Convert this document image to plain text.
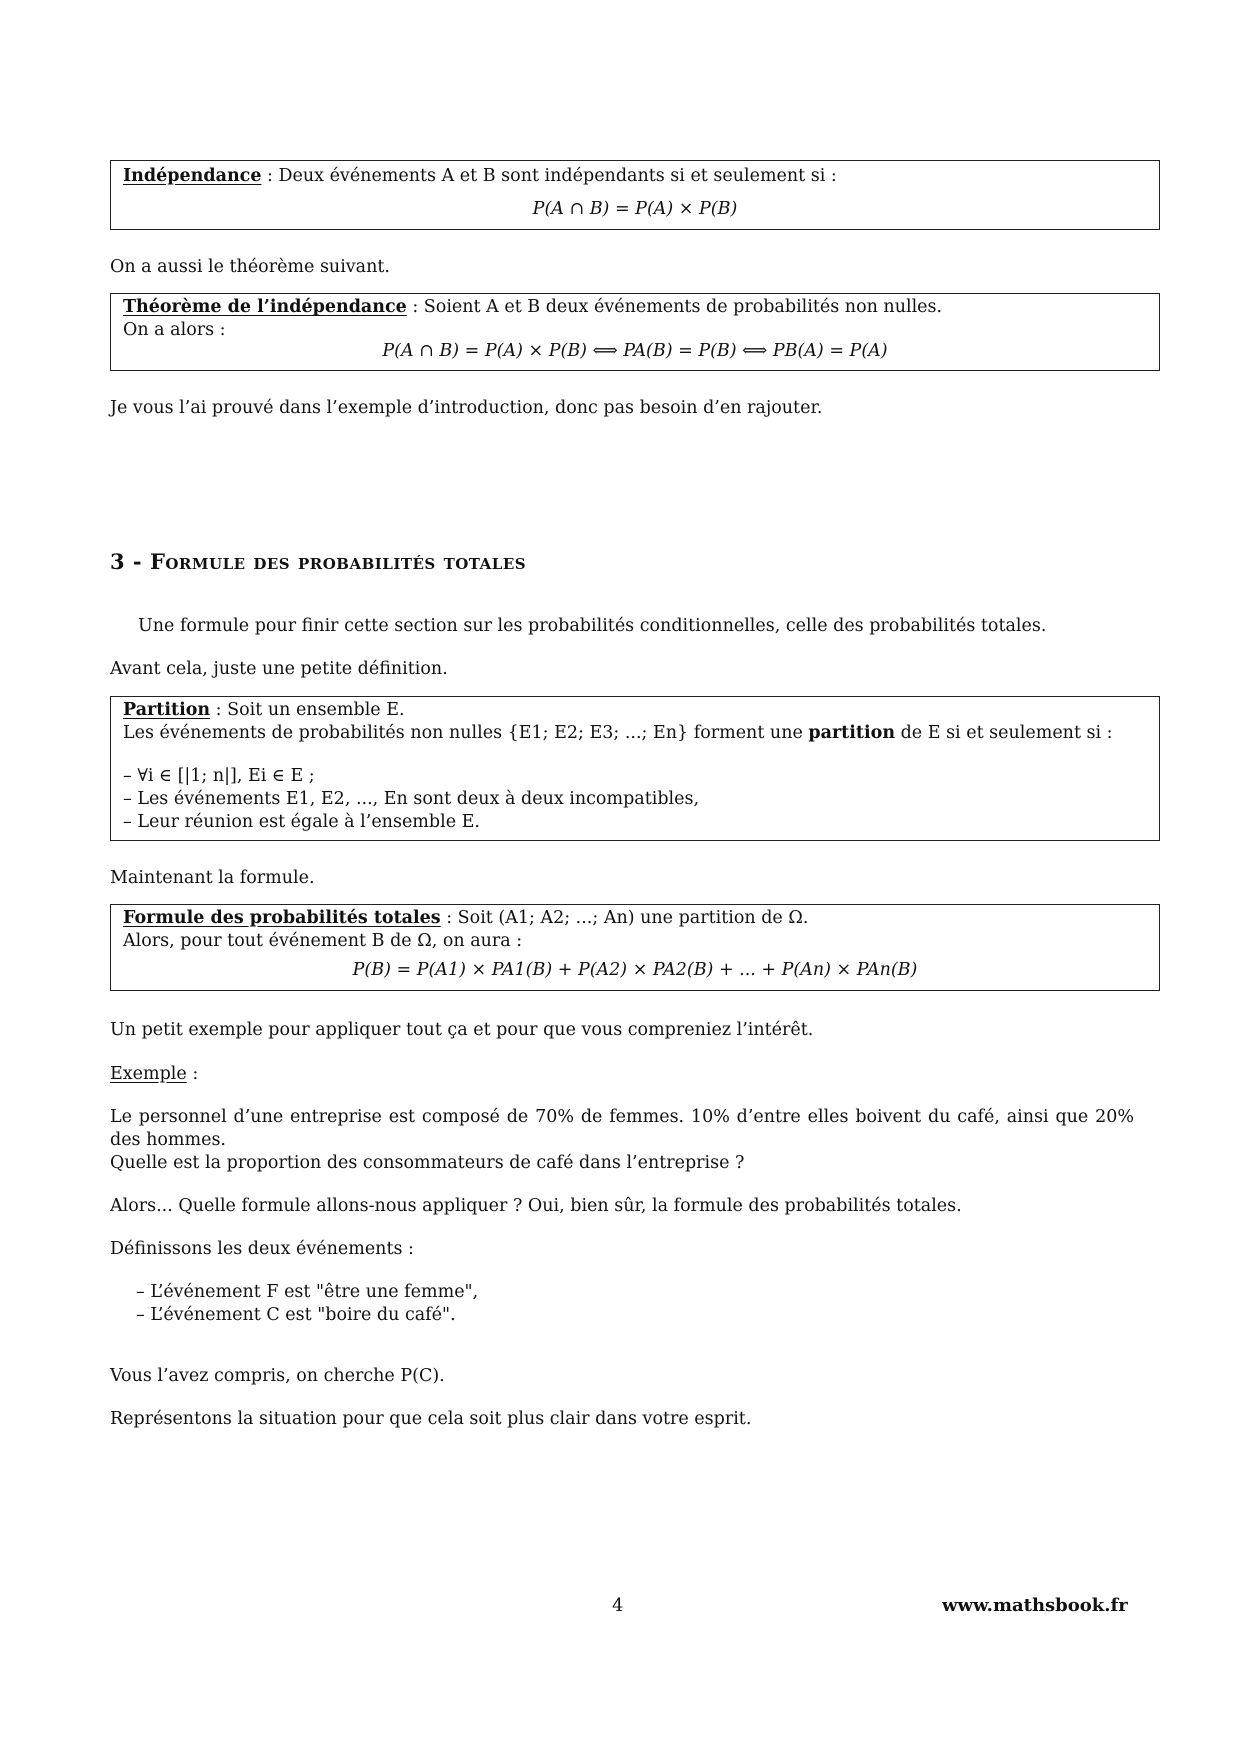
Indépendance : Deux événements A et B sont indépendants si et seulement si :

P(A ∩ B) = P(A) × P(B)

On a aussi le théorème suivant.

Théorème de l’indépendance : Soient A et B deux événements de probabilités non nulles.

On a alors :

P(A ∩ B) = P(A) × P(B) ⟺ PA(B) = P(B) ⟺ PB(A) = P(A)

Je vous l’ai prouvé dans l’exemple d’introduction, donc pas besoin d’en rajouter.

3 - Formule des probabilités totales

Une formule pour finir cette section sur les probabilités conditionnelles, celle des probabilités totales.

Avant cela, juste une petite définition.

Partition : Soit un ensemble E.

Les événements de probabilités non nulles {E1; E2; E3; ...; En} forment une partition de E si et seulement si :

– ∀i ∈ [|1; n|], Ei ∈ E ;
– Les événements E1, E2, ..., En sont deux à deux incompatibles,
– Leur réunion est égale à l’ensemble E.

Maintenant la formule.

Formule des probabilités totales : Soit (A1; A2; ...; An) une partition de Ω.

Alors, pour tout événement B de Ω, on aura :

P(B) = P(A1) × PA1(B) + P(A2) × PA2(B) + ... + P(An) × PAn(B)

Un petit exemple pour appliquer tout ça et pour que vous compreniez l’intérêt.

Exemple :

Le personnel d’une entreprise est composé de 70% de femmes. 10% d’entre elles boivent du café, ainsi que 20% des hommes.

Quelle est la proportion des consommateurs de café dans l’entreprise ?

Alors... Quelle formule allons-nous appliquer ? Oui, bien sûr, la formule des probabilités totales.

Définissons les deux événements :

– L’événement F est "être une femme",
– L’événement C est "boire du café".

Vous l’avez compris, on cherche P(C).

Représentons la situation pour que cela soit plus clair dans votre esprit.

4	www.mathsbook.fr
